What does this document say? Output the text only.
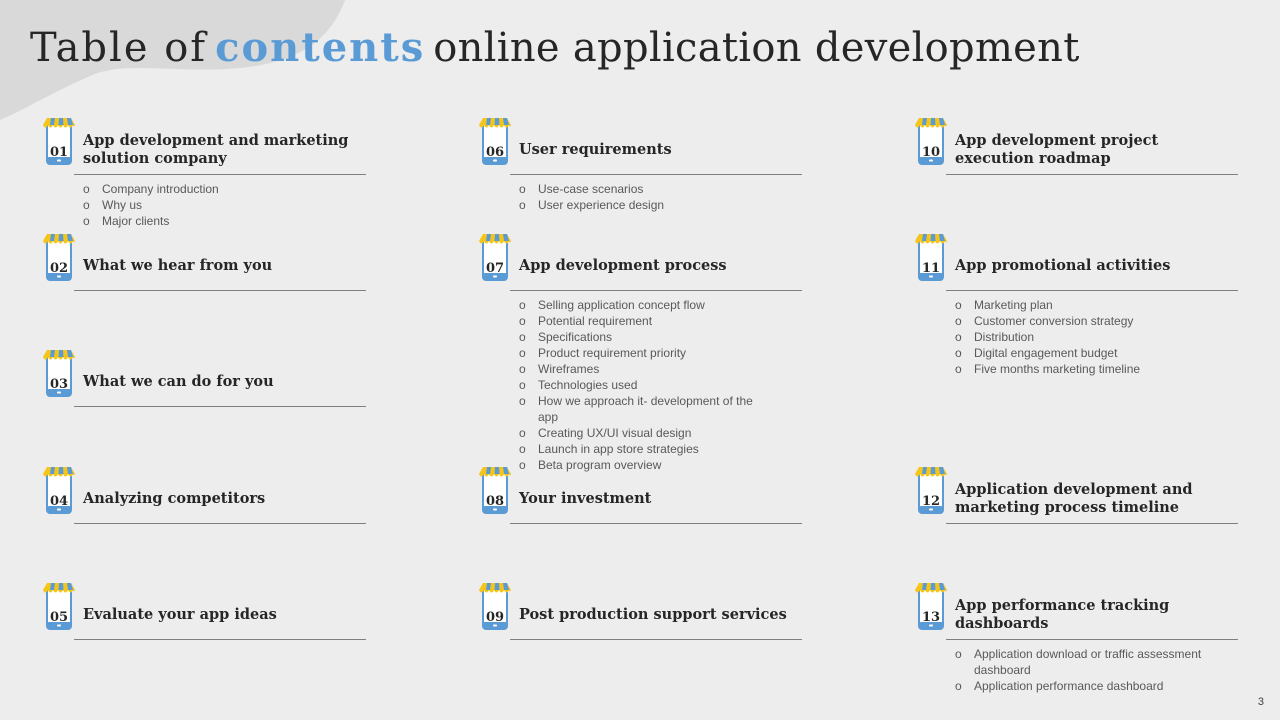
Table of contents online application development
01
App development and marketing solution company
o Company introduction
o Why us
o Major clients
02 What we hear from you
03 What we can do for you
04 Analyzing competitors
05 Evaluate your app ideas
06 User requirements
o Use-case scenarios
o User experience design
07 App development process
o Selling application concept flow
o Potential requirement
o Specifications
o Product requirement priority
o Wireframes
o Technologies used
o How we approach it- development of the app
o Creating UX/UI visual design
o Launch in app store strategies
o Beta program overview
08 Your investment
09 Post production support services
10
App development project execution roadmap
11 App promotional activities
o Marketing plan
o Customer conversion strategy
o Distribution
o Digital engagement budget
o Five months marketing timeline
12
Application development and marketing process timeline
13
App performance tracking dashboards
o Application download or traffic assessment dashboard
o Application performance dashboard
3
